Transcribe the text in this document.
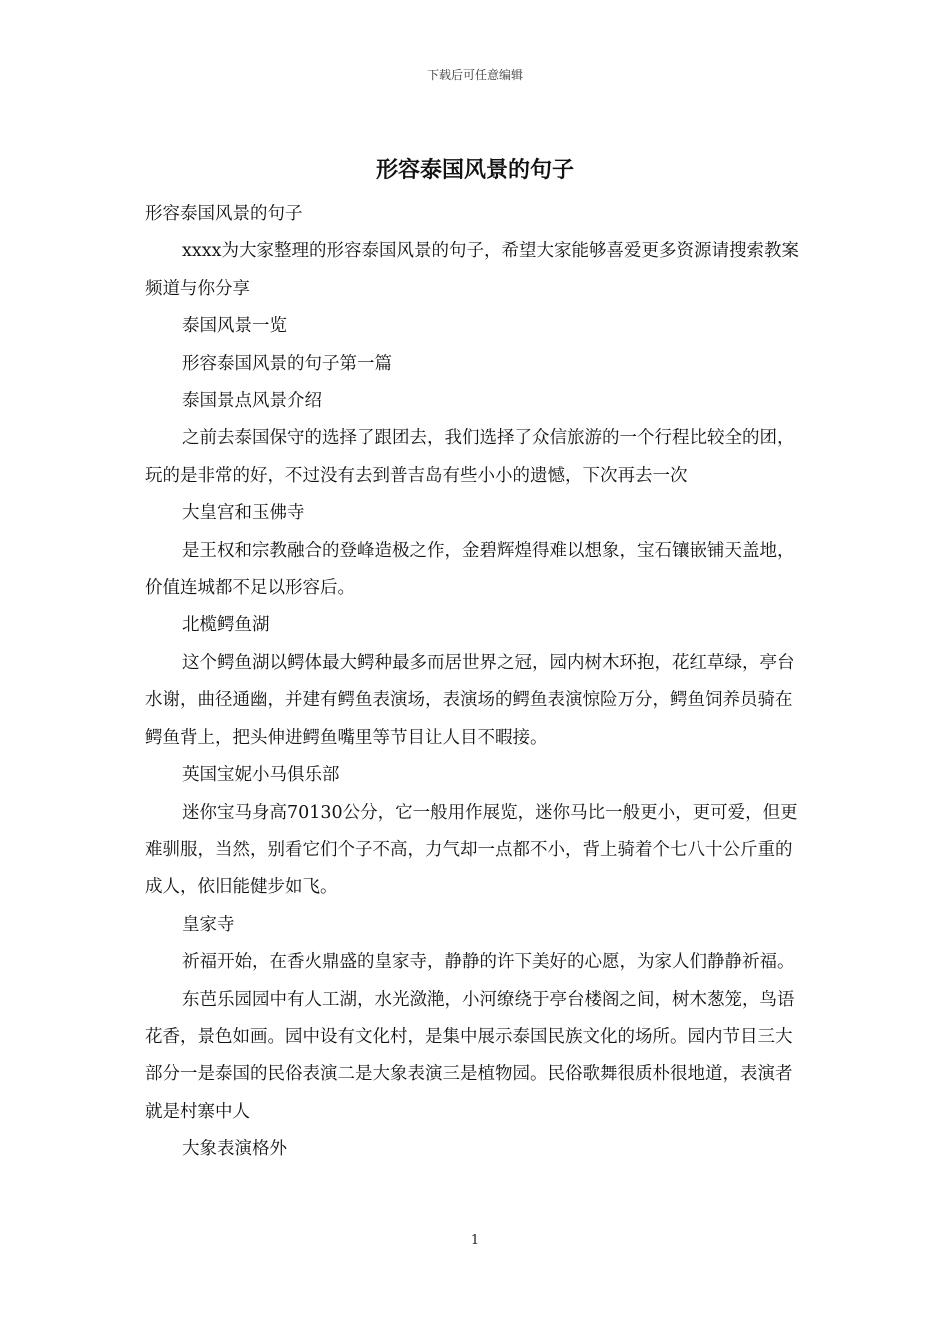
下载后可任意编辑
形容泰国风景的句子

形容泰国风景的句子

xxxx为大家整理的形容泰国风景的句子，希望大家能够喜爱更多资源请搜索教案频道与你分享

泰国风景一览

形容泰国风景的句子第一篇

泰国景点风景介绍

之前去泰国保守的选择了跟团去，我们选择了众信旅游的一个行程比较全的团，玩的是非常的好，不过没有去到普吉岛有些小小的遗憾，下次再去一次

大皇宫和玉佛寺

是王权和宗教融合的登峰造极之作，金碧辉煌得难以想象，宝石镶嵌铺天盖地，价值连城都不足以形容后。

北榄鳄鱼湖

这个鳄鱼湖以鳄体最大鳄种最多而居世界之冠，园内树木环抱，花红草绿，亭台水谢，曲径通幽，并建有鳄鱼表演场，表演场的鳄鱼表演惊险万分，鳄鱼饲养员骑在鳄鱼背上，把头伸进鳄鱼嘴里等节目让人目不暇接。

英国宝妮小马俱乐部

迷你宝马身高70130公分，它一般用作展览，迷你马比一般更小，更可爱，但更难驯服，当然，别看它们个子不高，力气却一点都不小，背上骑着个七八十公斤重的成人，依旧能健步如飞。

皇家寺

祈福开始，在香火鼎盛的皇家寺，静静的许下美好的心愿，为家人们静静祈福。

东芭乐园园中有人工湖，水光潋滟，小河缭绕于亭台楼阁之间，树木葱笼，鸟语花香，景色如画。园中设有文化村，是集中展示泰国民族文化的场所。园内节目三大部分一是泰国的民俗表演二是大象表演三是植物园。民俗歌舞很质朴很地道，表演者就是村寨中人

大象表演格外

1
